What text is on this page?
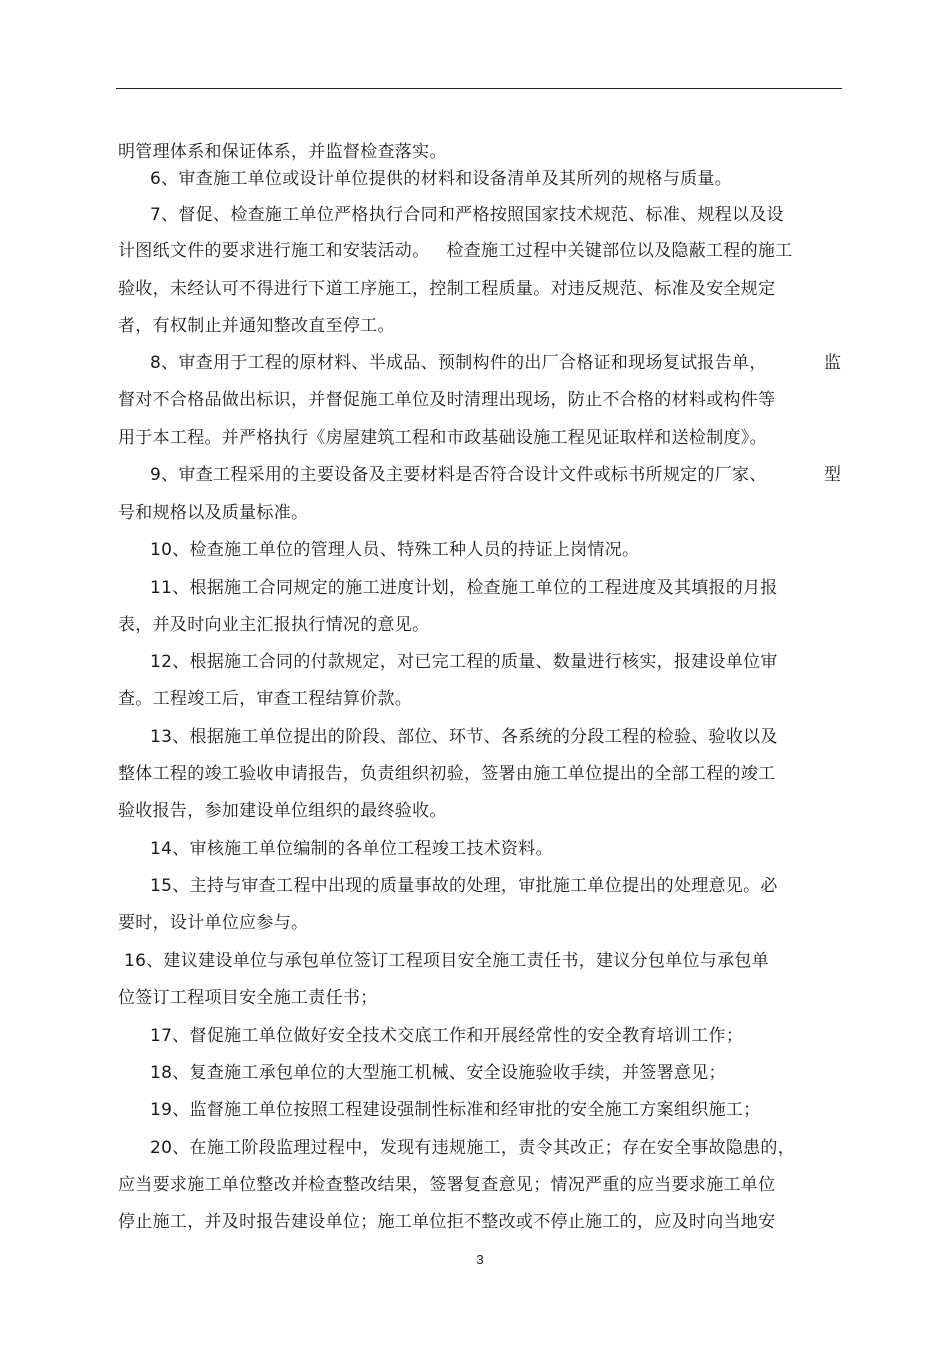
明管理体系和保证体系，并监督检查落实。
6、审查施工单位或设计单位提供的材料和设备清单及其所列的规格与质量。
7、督促、检查施工单位严格执行合同和严格按照国家技术规范、标准、规程以及设
计图纸文件的要求进行施工和安装活动。   检查施工过程中关键部位以及隐蔽工程的施工
验收，未经认可不得进行下道工序施工，控制工程质量。对违反规范、标准及安全规定
者，有权制止并通知整改直至停工。
8、审查用于工程的原材料、半成品、预制构件的出厂合格证和现场复试报告单，	监
督对不合格品做出标识，并督促施工单位及时清理出现场，防止不合格的材料或构件等
用于本工程。并严格执行《房屋建筑工程和市政基础设施工程见证取样和送检制度》。
9、审查工程采用的主要设备及主要材料是否符合设计文件或标书所规定的厂家、	型
号和规格以及质量标准。
10、检查施工单位的管理人员、特殊工种人员的持证上岗情况。
11、根据施工合同规定的施工进度计划，检查施工单位的工程进度及其填报的月报
表，并及时向业主汇报执行情况的意见。
12、根据施工合同的付款规定，对已完工程的质量、数量进行核实，报建设单位审
查。工程竣工后，审查工程结算价款。
13、根据施工单位提出的阶段、部位、环节、各系统的分段工程的检验、验收以及
整体工程的竣工验收申请报告，负责组织初验，签署由施工单位提出的全部工程的竣工
验收报告，参加建设单位组织的最终验收。
14、审核施工单位编制的各单位工程竣工技术资料。
15、主持与审查工程中出现的质量事故的处理，审批施工单位提出的处理意见。必
要时，设计单位应参与。
16、建议建设单位与承包单位签订工程项目安全施工责任书，建议分包单位与承包单
位签订工程项目安全施工责任书；
17、督促施工单位做好安全技术交底工作和开展经常性的安全教育培训工作；
18、复查施工承包单位的大型施工机械、安全设施验收手续，并签署意见；
19、监督施工单位按照工程建设强制性标准和经审批的安全施工方案组织施工；
20、在施工阶段监理过程中，发现有违规施工，责令其改正；存在安全事故隐患的，
应当要求施工单位整改并检查整改结果，签署复查意见；情况严重的应当要求施工单位
停止施工，并及时报告建设单位；施工单位拒不整改或不停止施工的，应及时向当地安
3
